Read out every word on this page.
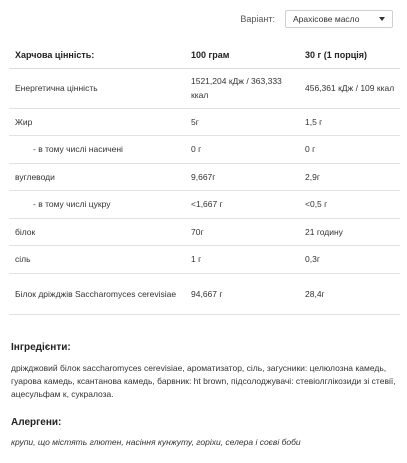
Варіант: Арахісове масло
Харчова цінність:	100 грам	30 г (1 порція)
Енергетична цінність	1521,204 кДж / 363,333 ккал	456,361 кДж / 109 ккал
Жир	5г	1,5 г
- в тому числі насичені	0 г	0 г
вуглеводи	9,667г	2,9г
- в тому числі цукру	<1,667 г	<0,5 г
білок	70г	21 годину
сіль	1 г	0,3г
Білок дріжджів Saccharomyces cerevisiae	94,667 г	28,4г
Інгредієнти:
дріжджовий білок saccharomyces cerevisiae, ароматизатор, сіль, загусники: целюлозна камедь, гуарова камедь, ксантанова камедь, барвник: ht brown, підсолоджувачі: стевіолглікозиди зі стевії, ацесульфам к, сукралоза.
Алергени:
крупи, що містять глютен, насіння кунжуту, горіхи, селера і соєві боби
